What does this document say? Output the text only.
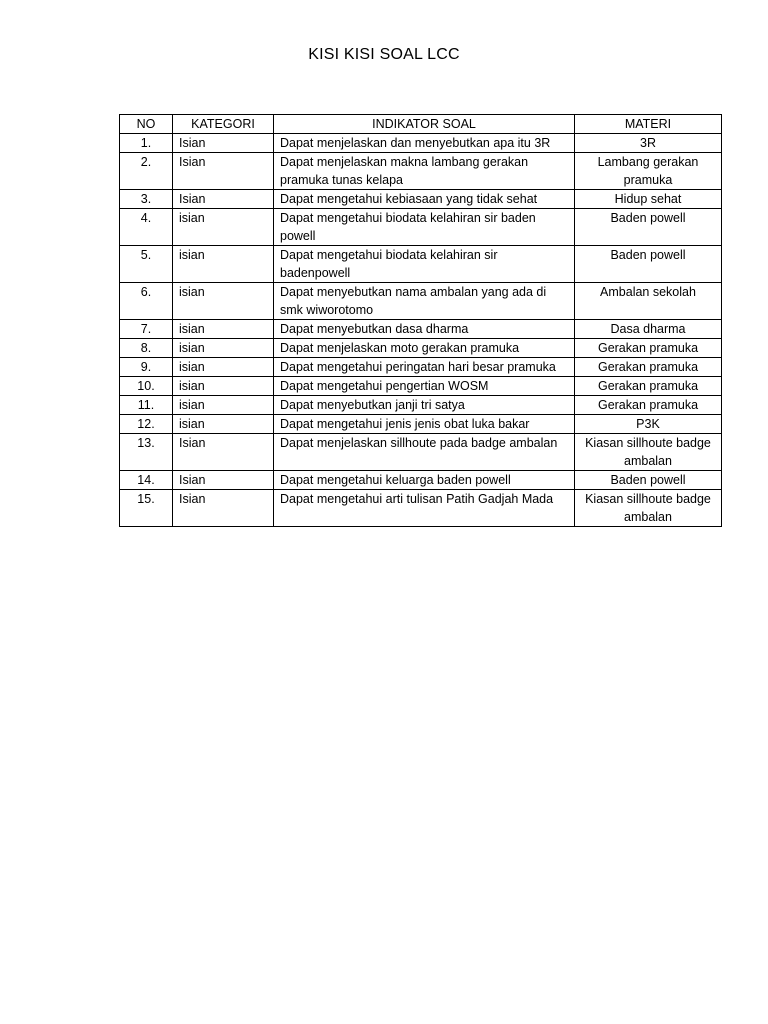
KISI KISI SOAL LCC
NO	KATEGORI	INDIKATOR SOAL	MATERI
1.	Isian	Dapat menjelaskan dan menyebutkan apa itu 3R	3R
2.	Isian	Dapat menjelaskan makna lambang gerakan pramuka tunas kelapa	Lambang gerakan pramuka
3.	Isian	Dapat mengetahui kebiasaan yang tidak sehat	Hidup sehat
4.	isian	Dapat mengetahui biodata kelahiran sir baden powell	Baden powell
5.	isian	Dapat mengetahui biodata kelahiran sir badenpowell	Baden powell
6.	isian	Dapat menyebutkan nama ambalan yang ada di smk wiworotomo	Ambalan sekolah
7.	isian	Dapat menyebutkan dasa dharma	Dasa dharma
8.	isian	Dapat menjelaskan moto gerakan pramuka	Gerakan pramuka
9.	isian	Dapat mengetahui peringatan hari besar pramuka	Gerakan pramuka
10.	isian	Dapat mengetahui pengertian WOSM	Gerakan pramuka
11.	isian	Dapat menyebutkan janji tri satya	Gerakan pramuka
12.	isian	Dapat mengetahui jenis jenis obat luka bakar	P3K
13.	Isian	Dapat menjelaskan sillhoute pada badge ambalan	Kiasan sillhoute badge ambalan
14.	Isian	Dapat mengetahui keluarga baden powell	Baden powell
15.	Isian	Dapat mengetahui arti tulisan Patih Gadjah Mada	Kiasan sillhoute badge ambalan
